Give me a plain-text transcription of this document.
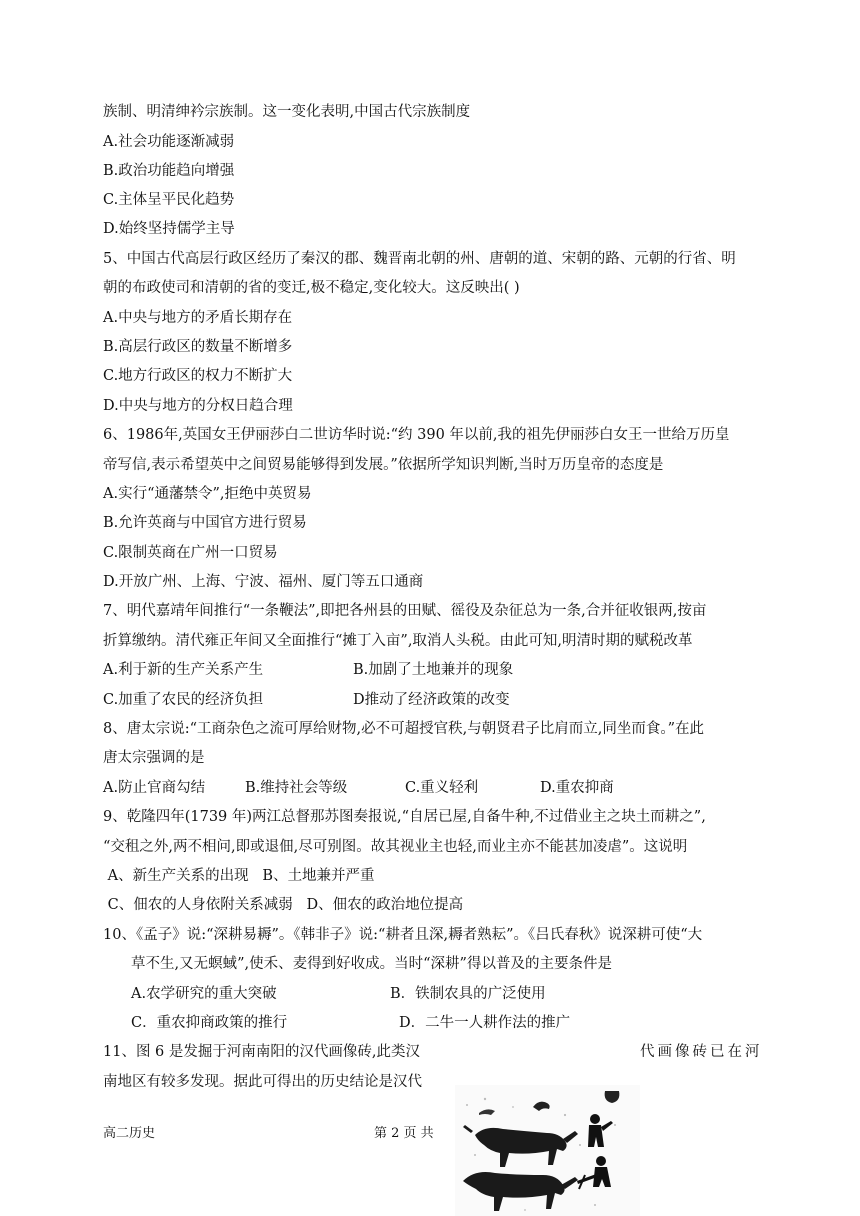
族制、明清绅衿宗族制。这一变化表明,中国古代宗族制度
A.社会功能逐渐减弱
B.政治功能趋向增强
C.主体呈平民化趋势
D.始终坚持儒学主导
5、中国古代高层行政区经历了秦汉的郡、魏晋南北朝的州、唐朝的道、宋朝的路、元朝的行省、明
朝的布政使司和清朝的省的变迁,极不稳定,变化较大。这反映出( )
A.中央与地方的矛盾长期存在
B.高层行政区的数量不断增多
C.地方行政区的权力不断扩大
D.中央与地方的分权日趋合理
6、1986年,英国女王伊丽莎白二世访华时说:“约 390 年以前,我的祖先伊丽莎白女王一世给万历皇
帝写信,表示希望英中之间贸易能够得到发展。”依据所学知识判断,当时万历皇帝的态度是
A.实行“通藩禁令”,拒绝中英贸易
B.允许英商与中国官方进行贸易
C.限制英商在广州一口贸易
D.开放广州、上海、宁波、福州、厦门等五口通商
7、明代嘉靖年间推行“一条鞭法”,即把各州县的田赋、徭役及杂征总为一条,合并征收银两,按亩
折算缴纳。清代雍正年间又全面推行“摊丁入亩”,取消人头税。由此可知,明清时期的赋税改革
A.利于新的生产关系产生	B.加剧了土地兼并的现象
C.加重了农民的经济负担	D推动了经济政策的改变
8、唐太宗说:“工商杂色之流可厚给财物,必不可超授官秩,与朝贤君子比肩而立,同坐而食。”在此
唐太宗强调的是
A.防止官商勾结	B.维持社会等级	C.重义轻利	D.重农抑商
9、乾隆四年(1739 年)两江总督那苏图奏报说,“自居已屋,自备牛种,不过借业主之块土而耕之”,
“交租之外,两不相问,即或退佃,尽可别图。故其视业主也轻,而业主亦不能甚加凌虐”。这说明
A、新生产关系的出现   B、土地兼并严重
C、佃农的人身依附关系减弱   D、佃农的政治地位提高
10、《孟子》说:“深耕易耨”。《韩非子》说:“耕者且深,耨者熟耘”。《吕氏春秋》说深耕可使“大
草不生,又无螟蜮”,使禾、麦得到好收成。当时“深耕”得以普及的主要条件是
A.农学研究的重大突破	B．铁制农具的广泛使用
C．重农抑商政策的推行	D．二牛一人耕作法的推广
11、图 6 是发掘于河南南阳的汉代画像砖,此类汉	代画像砖已在河
南地区有较多发现。据此可得出的历史结论是汉代
高二历史	第 2 页 共
